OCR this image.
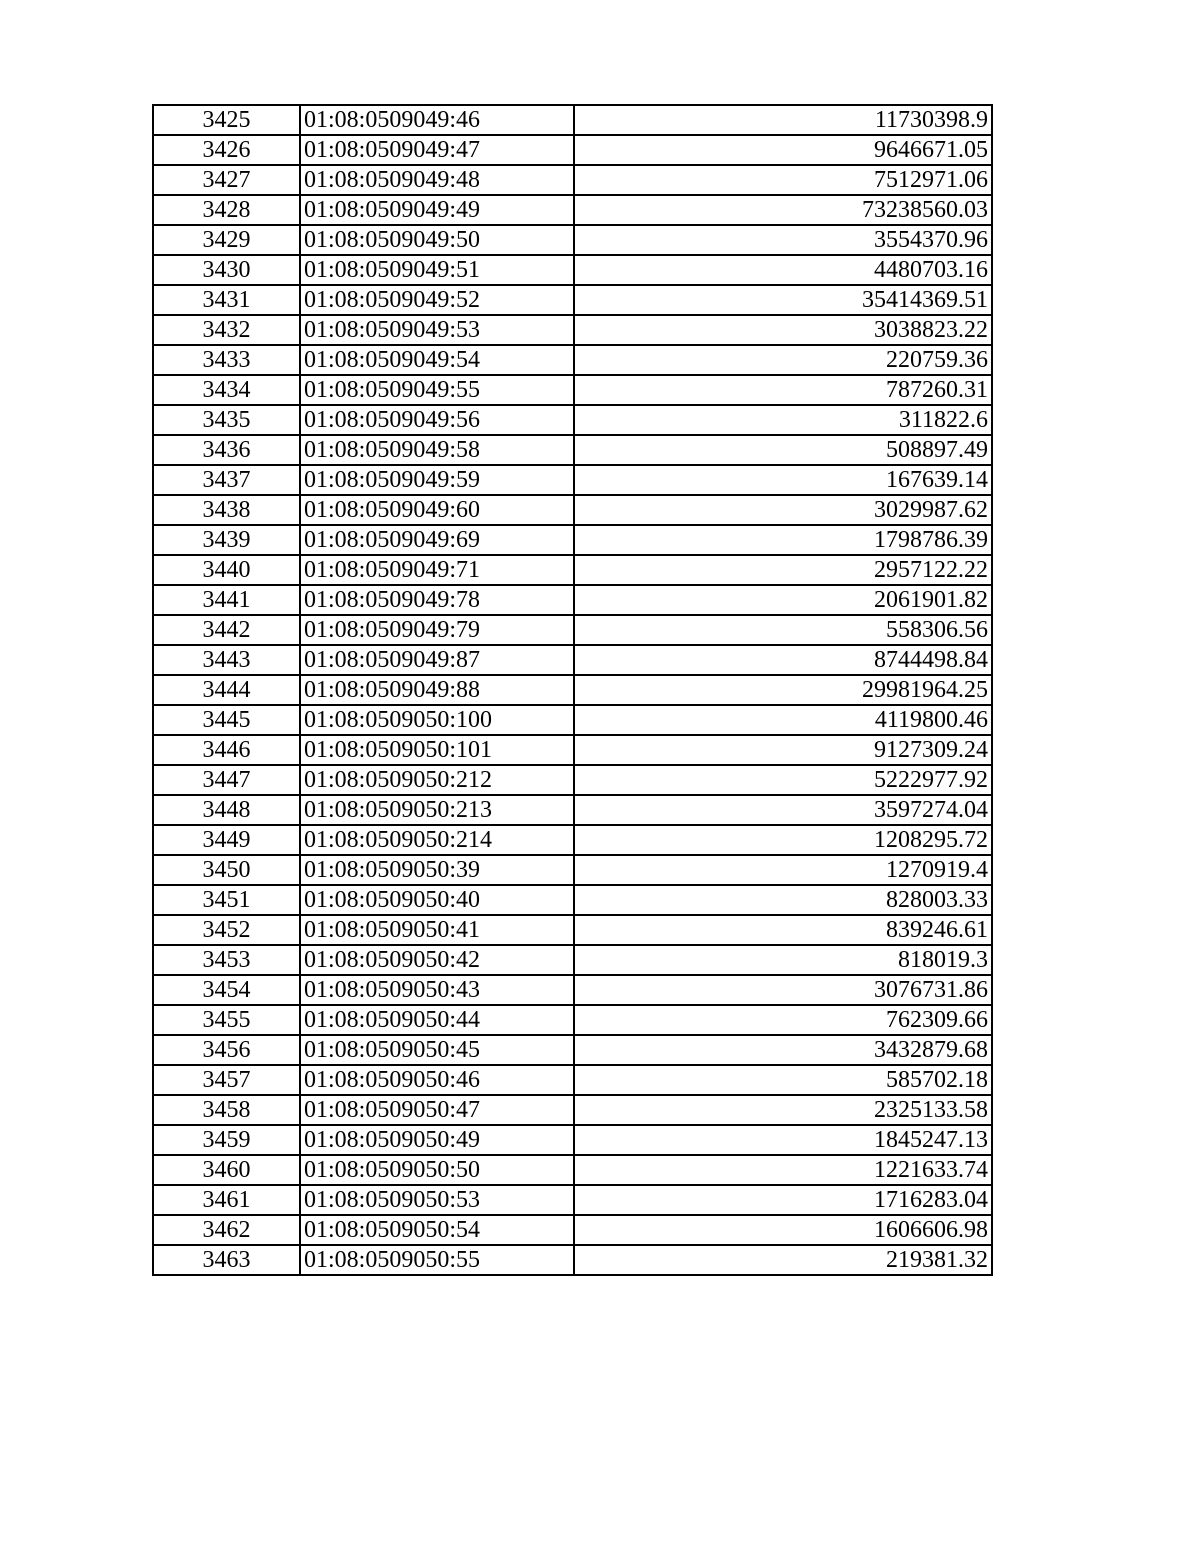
3425	01:08:0509049:46	11730398.9
3426	01:08:0509049:47	9646671.05
3427	01:08:0509049:48	7512971.06
3428	01:08:0509049:49	73238560.03
3429	01:08:0509049:50	3554370.96
3430	01:08:0509049:51	4480703.16
3431	01:08:0509049:52	35414369.51
3432	01:08:0509049:53	3038823.22
3433	01:08:0509049:54	220759.36
3434	01:08:0509049:55	787260.31
3435	01:08:0509049:56	311822.6
3436	01:08:0509049:58	508897.49
3437	01:08:0509049:59	167639.14
3438	01:08:0509049:60	3029987.62
3439	01:08:0509049:69	1798786.39
3440	01:08:0509049:71	2957122.22
3441	01:08:0509049:78	2061901.82
3442	01:08:0509049:79	558306.56
3443	01:08:0509049:87	8744498.84
3444	01:08:0509049:88	29981964.25
3445	01:08:0509050:100	4119800.46
3446	01:08:0509050:101	9127309.24
3447	01:08:0509050:212	5222977.92
3448	01:08:0509050:213	3597274.04
3449	01:08:0509050:214	1208295.72
3450	01:08:0509050:39	1270919.4
3451	01:08:0509050:40	828003.33
3452	01:08:0509050:41	839246.61
3453	01:08:0509050:42	818019.3
3454	01:08:0509050:43	3076731.86
3455	01:08:0509050:44	762309.66
3456	01:08:0509050:45	3432879.68
3457	01:08:0509050:46	585702.18
3458	01:08:0509050:47	2325133.58
3459	01:08:0509050:49	1845247.13
3460	01:08:0509050:50	1221633.74
3461	01:08:0509050:53	1716283.04
3462	01:08:0509050:54	1606606.98
3463	01:08:0509050:55	219381.32
